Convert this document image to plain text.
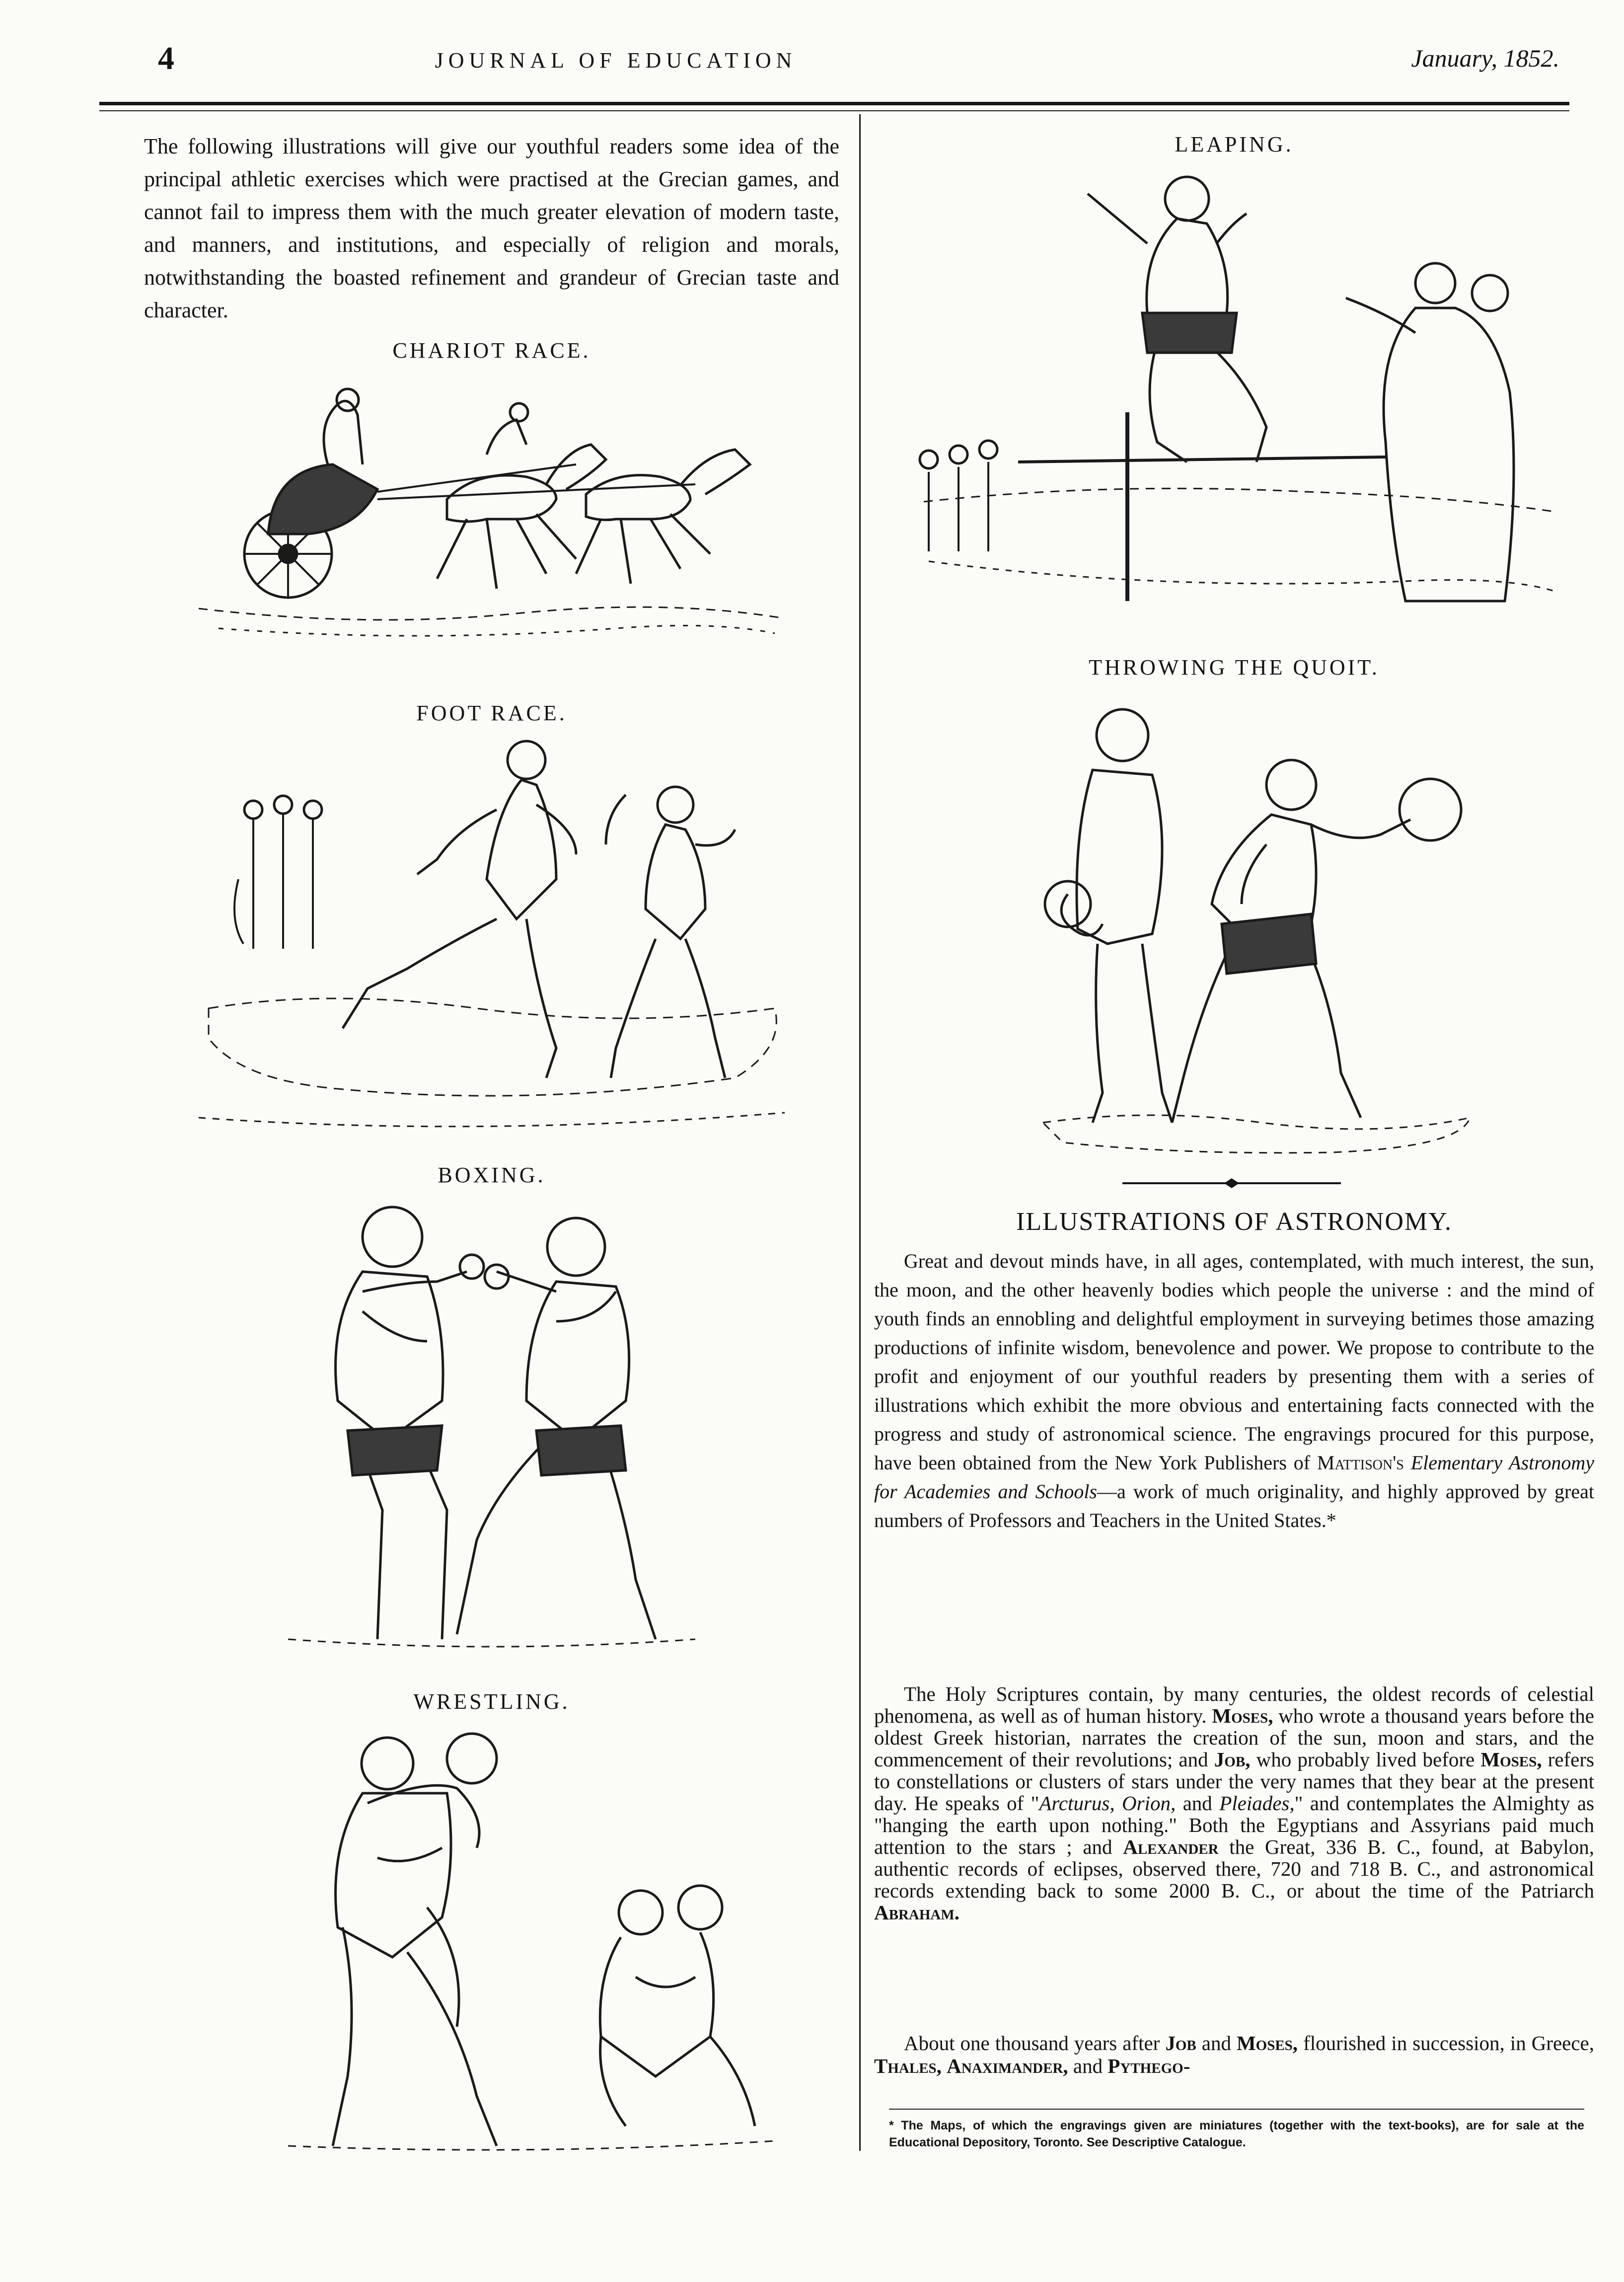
4	JOURNAL OF EDUCATION	January, 1852.

The following illustrations will give our youthful readers some idea of the principal athletic exercises which were practised at the Grecian games, and cannot fail to impress them with the much greater elevation of modern taste, and manners, and institutions, and especially of religion and morals, notwithstanding the boasted refinement and grandeur of Grecian taste and character.

CHARIOT RACE.
FOOT RACE.
BOXING.
WRESTLING.
LEAPING.
THROWING THE QUOIT.
ILLUSTRATIONS OF ASTRONOMY.

Great and devout minds have, in all ages, contemplated, with much interest, the sun, the moon, and the other heavenly bodies which people the universe : and the mind of youth finds an ennobling and delightful employment in surveying betimes those amazing productions of infinite wisdom, benevolence and power. We propose to contribute to the profit and enjoyment of our youthful readers by presenting them with a series of illustrations which exhibit the more obvious and entertaining facts connected with the progress and study of astronomical science. The engravings procured for this purpose, have been obtained from the New York Publishers of Mattison's Elementary Astronomy for Academies and Schools—a work of much originality, and highly approved by great numbers of Professors and Teachers in the United States.*

The Holy Scriptures contain, by many centuries, the oldest records of celestial phenomena, as well as of human history. Moses, who wrote a thousand years before the oldest Greek historian, narrates the creation of the sun, moon and stars, and the commencement of their revolutions; and Job, who probably lived before Moses, refers to constellations or clusters of stars under the very names that they bear at the present day. He speaks of "Arcturus, Orion, and Pleiades," and contemplates the Almighty as "hanging the earth upon nothing." Both the Egyptians and Assyrians paid much attention to the stars ; and Alexander the Great, 336 B. C., found, at Babylon, authentic records of eclipses, observed there, 720 and 718 B. C., and astronomical records extending back to some 2000 B. C., or about the time of the Patriarch Abraham.

About one thousand years after Job and Moses, flourished in succession, in Greece, Thales, Anaximander, and Pythego-

* The Maps, of which the engravings given are miniatures (together with the text-books), are for sale at the Educational Depository, Toronto. See Descriptive Catalogue.
